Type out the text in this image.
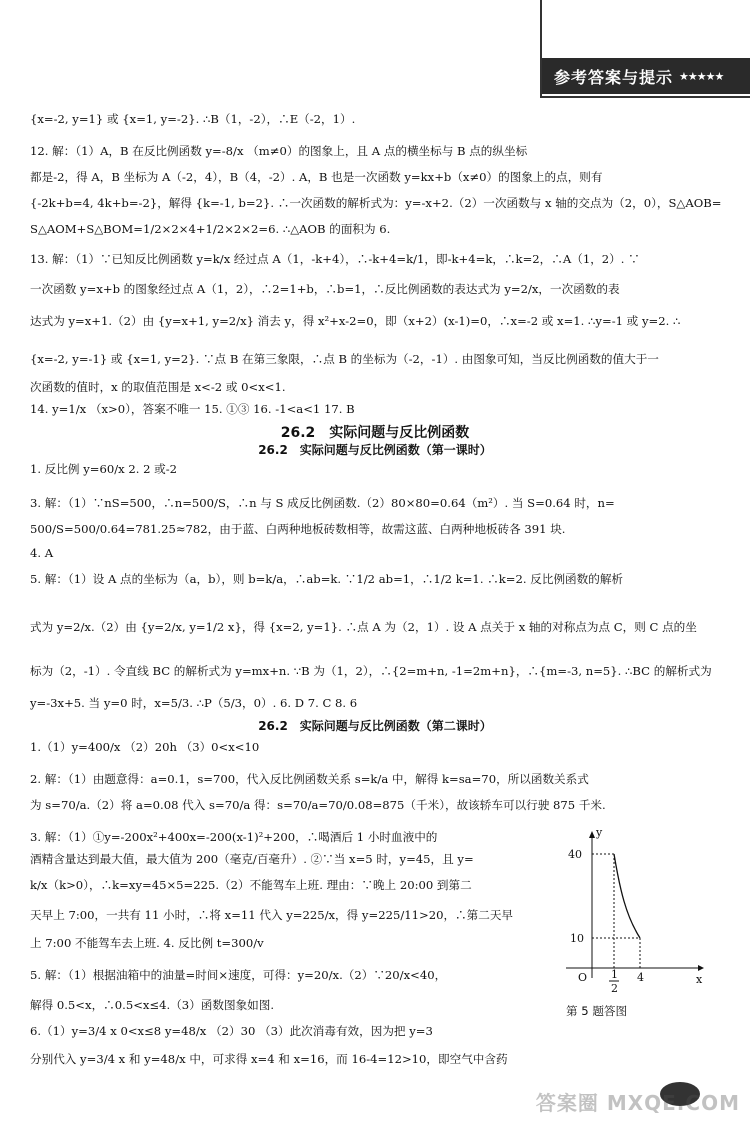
参考答案与提示 ★★★★★
{x=-2, y=1} 或 {x=1, y=-2}. ∴B（1，-2），∴E（-2，1）.
12. 解：（1）A，B 在反比例函数 y=-8/x （m≠0）的图象上，且 A 点的横坐标与 B 点的纵坐标
都是-2，得 A，B 坐标为 A（-2，4），B（4，-2）. A，B 也是一次函数 y=kx+b（x≠0）的图象上的点，则有
{-2k+b=4, 4k+b=-2}，解得 {k=-1, b=2}. ∴一次函数的解析式为：y=-x+2.（2）一次函数与 x 轴的交点为（2，0），S△AOB=
S△AOM+S△BOM=1/2×2×4+1/2×2×2=6. ∴△AOB 的面积为 6.
13. 解：（1）∵已知反比例函数 y=k/x 经过点 A（1，-k+4），∴-k+4=k/1，即-k+4=k，∴k=2，∴A（1，2）. ∵
一次函数 y=x+b 的图象经过点 A（1，2），∴2=1+b，∴b=1，∴反比例函数的表达式为 y=2/x，一次函数的表
达式为 y=x+1.（2）由 {y=x+1, y=2/x} 消去 y，得 x²+x-2=0，即（x+2）(x-1)=0，∴x=-2 或 x=1. ∴y=-1 或 y=2. ∴
{x=-2, y=-1} 或 {x=1, y=2}. ∵点 B 在第三象限，∴点 B 的坐标为（-2，-1）. 由图象可知，当反比例函数的值大于一
次函数的值时，x 的取值范围是 x<-2 或 0<x<1.
14. y=1/x （x>0），答案不唯一 15. ①③ 16. -1<a<1 17. B
26.2　实际问题与反比例函数
26.2　实际问题与反比例函数（第一课时）
1. 反比例 y=60/x 2. 2 或-2
3. 解：（1）∵nS=500，∴n=500/S，∴n 与 S 成反比例函数.（2）80×80=0.64（m²）. 当 S=0.64 时，n=
500/S=500/0.64=781.25≈782，由于蓝、白两种地板砖数相等，故需这蓝、白两种地板砖各 391 块.
4. A
5. 解：（1）设 A 点的坐标为（a，b），则 b=k/a，∴ab=k. ∵1/2 ab=1，∴1/2 k=1. ∴k=2. 反比例函数的解析
式为 y=2/x.（2）由 {y=2/x, y=1/2 x}，得 {x=2, y=1}. ∴点 A 为（2，1）. 设 A 点关于 x 轴的对称点为点 C，则 C 点的坐
标为（2，-1）. 令直线 BC 的解析式为 y=mx+n. ∵B 为（1，2），∴{2=m+n, -1=2m+n}，∴{m=-3, n=5}. ∴BC 的解析式为
y=-3x+5. 当 y=0 时，x=5/3. ∴P（5/3，0）. 6. D 7. C 8. 6
26.2　实际问题与反比例函数（第二课时）
1.（1）y=400/x （2）20h （3）0<x<10
2. 解：（1）由题意得：a=0.1，s=700，代入反比例函数关系 s=k/a 中，解得 k=sa=70，所以函数关系式
为 s=70/a.（2）将 a=0.08 代入 s=70/a 得：s=70/a=70/0.08=875（千米），故该轿车可以行驶 875 千米.
3. 解：（1）①y=-200x²+400x=-200(x-1)²+200，∴喝酒后 1 小时血液中的
酒精含量达到最大值，最大值为 200（毫克/百毫升）. ②∵当 x=5 时，y=45，且 y=
k/x（k>0），∴k=xy=45×5=225.（2）不能驾车上班. 理由：∵晚上 20:00 到第二
天早上 7:00，一共有 11 小时，∴将 x=11 代入 y=225/x，得 y=225/11>20，∴第二天早
上 7:00 不能驾车去上班. 4. 反比例 t=300/v
5. 解：（1）根据油箱中的油量=时间×速度，可得：y=20/x.（2）∵20/x<40，
解得 0.5<x，∴0.5<x≤4.（3）函数图象如图.
6.（1）y=3/4 x 0<x≤8 y=48/x （2）30 （3）此次消毒有效，因为把 y=3
分别代入 y=3/4 x 和 y=48/x 中，可求得 x=4 和 x=16，而 16-4=12>10，即空气中含药
y
x
O
40
10
1
2
4
第 5 题答图
答案圈 MXQE.COM
